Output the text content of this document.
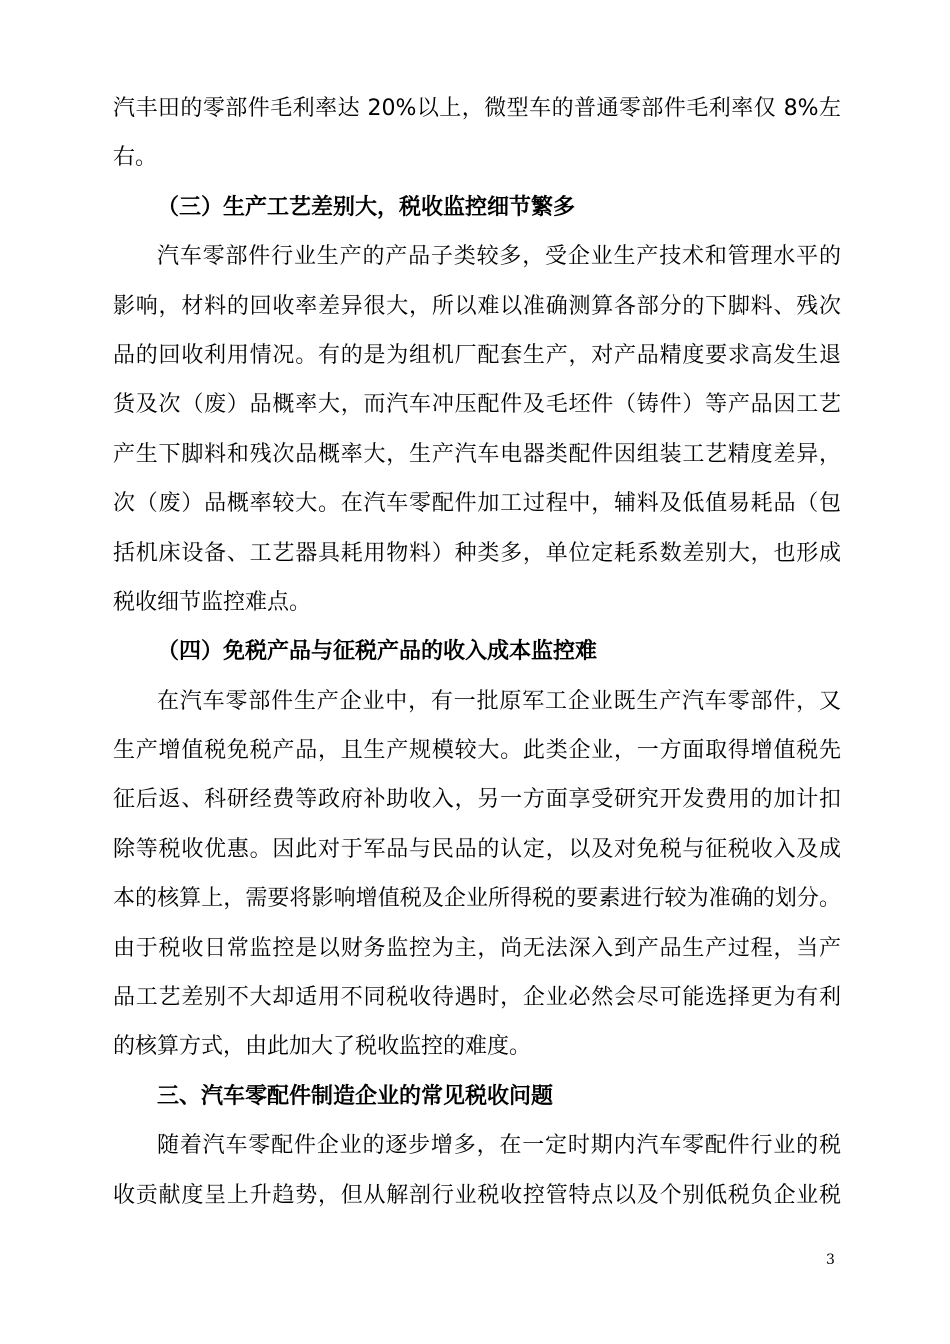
汽丰田的零部件毛利率达 20%以上，微型车的普通零部件毛利率仅 8%左
右。
（三）生产工艺差别大，税收监控细节繁多
汽车零部件行业生产的产品子类较多，受企业生产技术和管理水平的
影响，材料的回收率差异很大，所以难以准确测算各部分的下脚料、残次
品的回收利用情况。有的是为组机厂配套生产，对产品精度要求高发生退
货及次（废）品概率大，而汽车冲压配件及毛坯件（铸件）等产品因工艺
产生下脚料和残次品概率大，生产汽车电器类配件因组装工艺精度差异，
次（废）品概率较大。在汽车零配件加工过程中，辅料及低值易耗品（包
括机床设备、工艺器具耗用物料）种类多，单位定耗系数差别大，也形成
税收细节监控难点。
（四）免税产品与征税产品的收入成本监控难
在汽车零部件生产企业中，有一批原军工企业既生产汽车零部件，又
生产增值税免税产品，且生产规模较大。此类企业，一方面取得增值税先
征后返、科研经费等政府补助收入，另一方面享受研究开发费用的加计扣
除等税收优惠。因此对于军品与民品的认定，以及对免税与征税收入及成
本的核算上，需要将影响增值税及企业所得税的要素进行较为准确的划分。
由于税收日常监控是以财务监控为主，尚无法深入到产品生产过程，当产
品工艺差别不大却适用不同税收待遇时，企业必然会尽可能选择更为有利
的核算方式，由此加大了税收监控的难度。
三、汽车零配件制造企业的常见税收问题
随着汽车零配件企业的逐步增多，在一定时期内汽车零配件行业的税
收贡献度呈上升趋势，但从解剖行业税收控管特点以及个别低税负企业税
3
